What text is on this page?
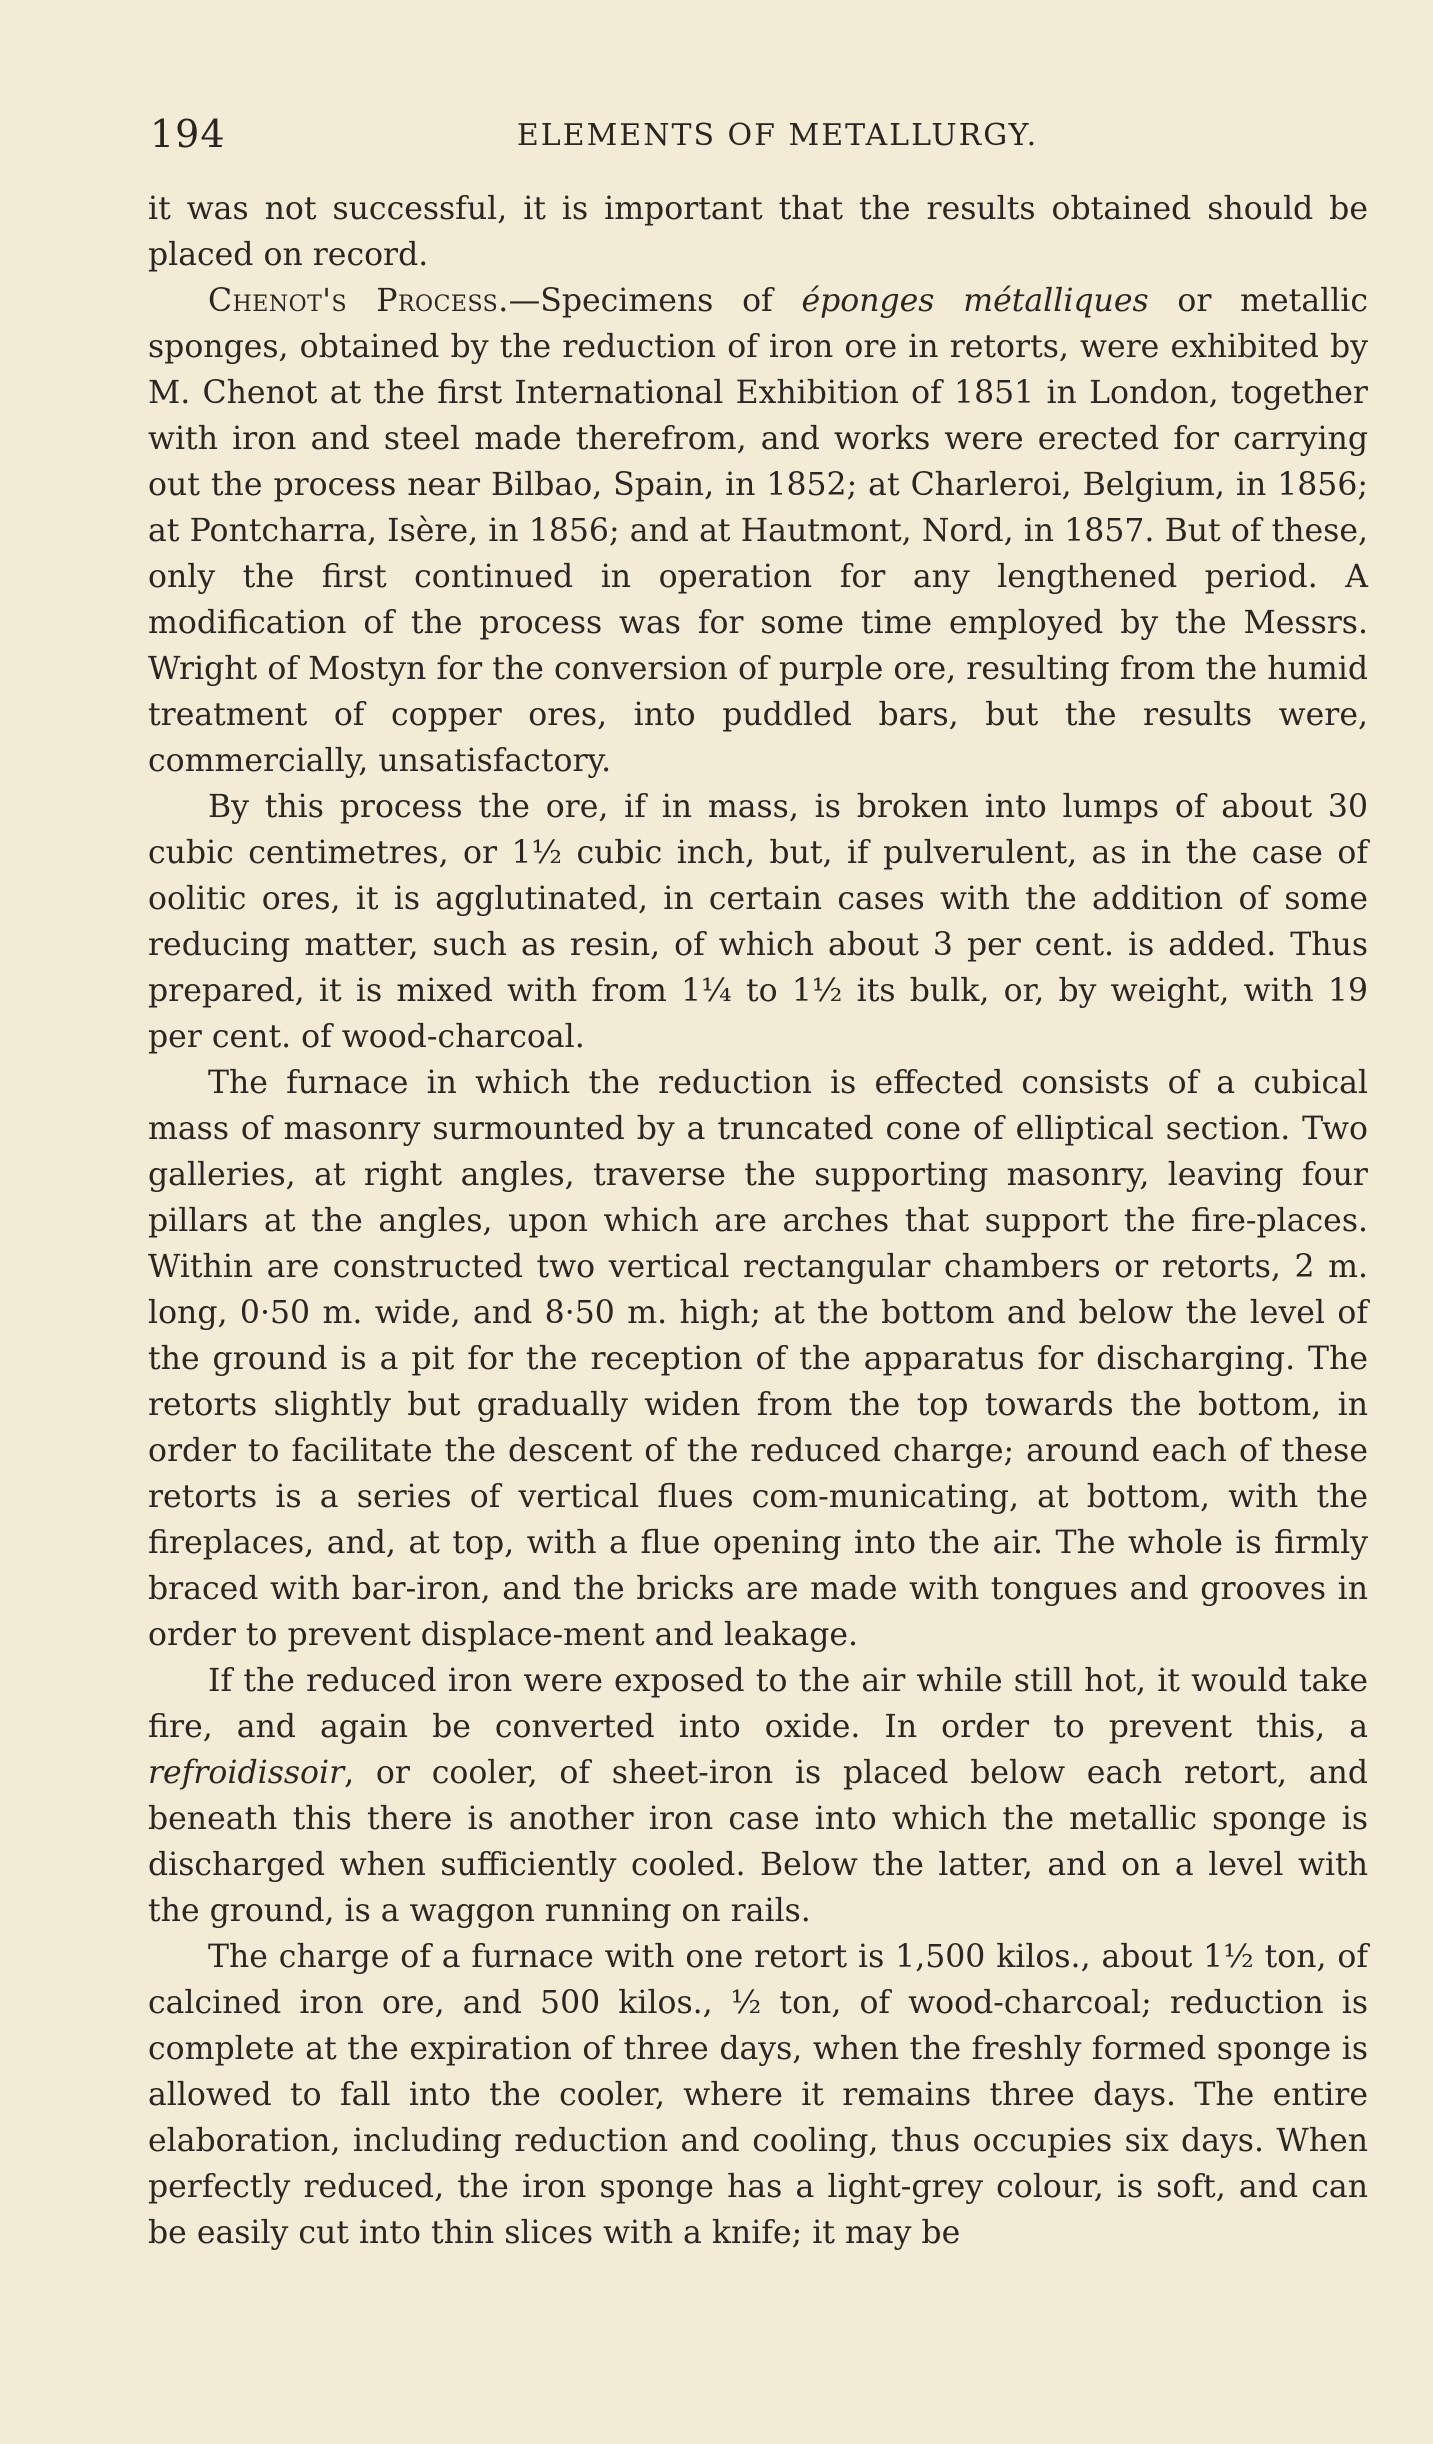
194	ELEMENTS OF METALLURGY.

it was not successful, it is important that the results obtained should be placed on record.

Chenot's Process.—Specimens of éponges métalliques or metallic sponges, obtained by the reduction of iron ore in retorts, were exhibited by M. Chenot at the first International Exhibition of 1851 in London, together with iron and steel made therefrom, and works were erected for carrying out the process near Bilbao, Spain, in 1852; at Charleroi, Belgium, in 1856; at Pontcharra, Isère, in 1856; and at Hautmont, Nord, in 1857. But of these, only the first continued in operation for any lengthened period. A modification of the process was for some time employed by the Messrs. Wright of Mostyn for the conversion of purple ore, resulting from the humid treatment of copper ores, into puddled bars, but the results were, commercially, unsatisfactory.

By this process the ore, if in mass, is broken into lumps of about 30 cubic centimetres, or 1½ cubic inch, but, if pulverulent, as in the case of oolitic ores, it is agglutinated, in certain cases with the addition of some reducing matter, such as resin, of which about 3 per cent. is added. Thus prepared, it is mixed with from 1¼ to 1½ its bulk, or, by weight, with 19 per cent. of wood-charcoal.

The furnace in which the reduction is effected consists of a cubical mass of masonry surmounted by a truncated cone of elliptical section. Two galleries, at right angles, traverse the supporting masonry, leaving four pillars at the angles, upon which are arches that support the fire-places. Within are constructed two vertical rectangular chambers or retorts, 2 m. long, 0·50 m. wide, and 8·50 m. high; at the bottom and below the level of the ground is a pit for the reception of the apparatus for discharging. The retorts slightly but gradually widen from the top towards the bottom, in order to facilitate the descent of the reduced charge; around each of these retorts is a series of vertical flues com-municating, at bottom, with the fireplaces, and, at top, with a flue opening into the air. The whole is firmly braced with bar-iron, and the bricks are made with tongues and grooves in order to prevent displace-ment and leakage.

If the reduced iron were exposed to the air while still hot, it would take fire, and again be converted into oxide. In order to prevent this, a refroidissoir, or cooler, of sheet-iron is placed below each retort, and beneath this there is another iron case into which the metallic sponge is discharged when sufficiently cooled. Below the latter, and on a level with the ground, is a waggon running on rails.

The charge of a furnace with one retort is 1,500 kilos., about 1½ ton, of calcined iron ore, and 500 kilos., ½ ton, of wood-charcoal; reduction is complete at the expiration of three days, when the freshly formed sponge is allowed to fall into the cooler, where it remains three days. The entire elaboration, including reduction and cooling, thus occupies six days. When perfectly reduced, the iron sponge has a light-grey colour, is soft, and can be easily cut into thin slices with a knife; it may be
